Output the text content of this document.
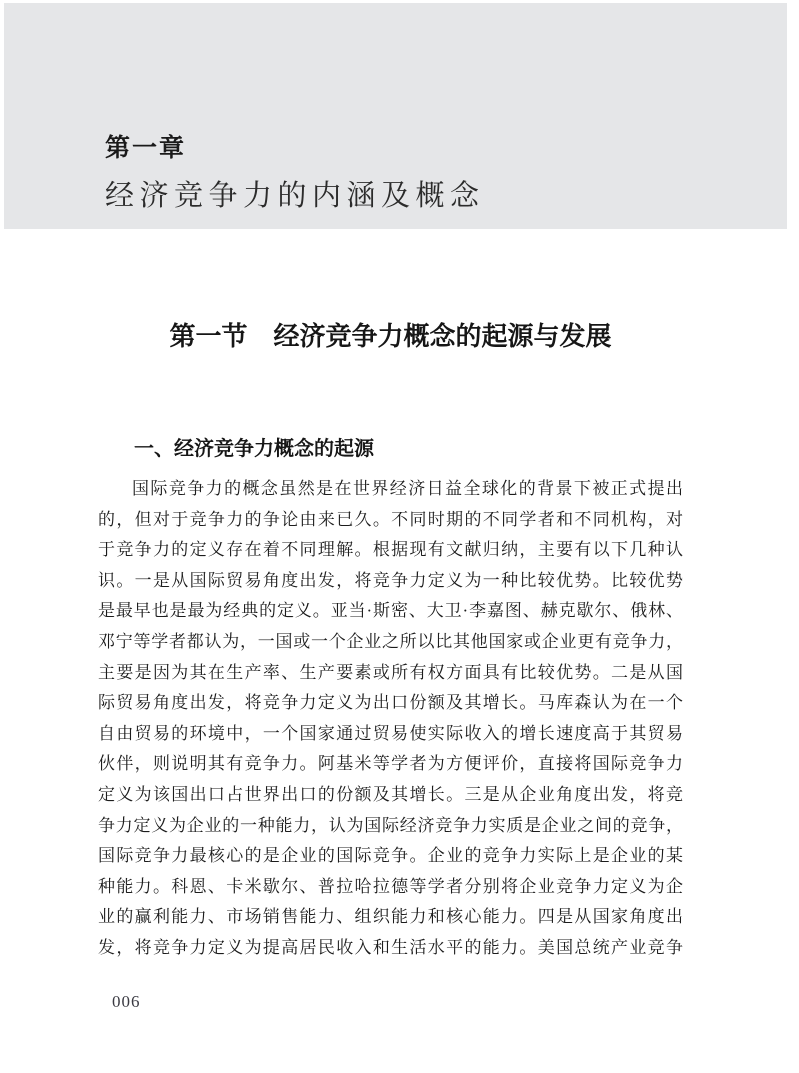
第一章
经济竞争力的内涵及概念
第一节 经济竞争力概念的起源与发展
一、经济竞争力概念的起源
国际竞争力的概念虽然是在世界经济日益全球化的背景下被正式提出
的，但对于竞争力的争论由来已久。不同时期的不同学者和不同机构，对
于竞争力的定义存在着不同理解。根据现有文献归纳，主要有以下几种认
识。一是从国际贸易角度出发，将竞争力定义为一种比较优势。比较优势
是最早也是最为经典的定义。亚当·斯密、大卫·李嘉图、赫克歇尔、俄林、
邓宁等学者都认为，一国或一个企业之所以比其他国家或企业更有竞争力，
主要是因为其在生产率、生产要素或所有权方面具有比较优势。二是从国
际贸易角度出发，将竞争力定义为出口份额及其增长。马库森认为在一个
自由贸易的环境中，一个国家通过贸易使实际收入的增长速度高于其贸易
伙伴，则说明其有竞争力。阿基米等学者为方便评价，直接将国际竞争力
定义为该国出口占世界出口的份额及其增长。三是从企业角度出发，将竞
争力定义为企业的一种能力，认为国际经济竞争力实质是企业之间的竞争，
国际竞争力最核心的是企业的国际竞争。企业的竞争力实际上是企业的某
种能力。科恩、卡米歇尔、普拉哈拉德等学者分别将企业竞争力定义为企
业的赢利能力、市场销售能力、组织能力和核心能力。四是从国家角度出
发，将竞争力定义为提高居民收入和生活水平的能力。美国总统产业竞争
006
